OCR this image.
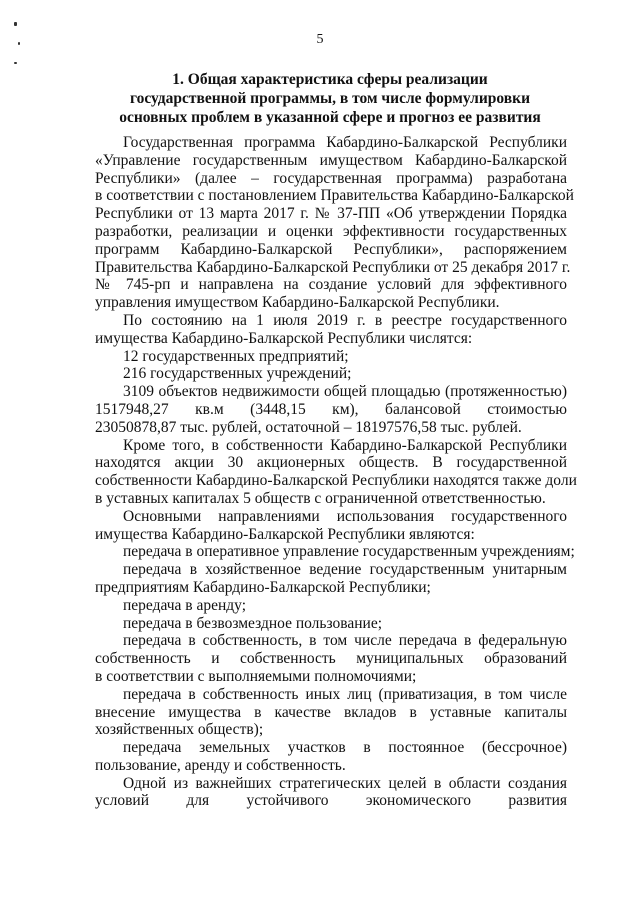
5
1. Общая характеристика сферы реализации
государственной программы, в том числе формулировки
основных проблем в указанной сфере и прогноз ее развития
Государственная программа Кабардино-Балкарской Республики
«Управление государственным имуществом Кабардино-Балкарской
Республики» (далее – государственная программа) разработана
в соответствии с постановлением Правительства Кабардино-Балкарской
Республики от 13 марта 2017 г. № 37-ПП «Об утверждении Порядка
разработки, реализации и оценки эффективности государственных
программ Кабардино-Балкарской Республики», распоряжением
Правительства Кабардино-Балкарской Республики от 25 декабря 2017 г.
№ 745-рп и направлена на создание условий для эффективного
управления имуществом Кабардино-Балкарской Республики.
По состоянию на 1 июля 2019 г. в реестре государственного
имущества Кабардино-Балкарской Республики числятся:
12 государственных предприятий;
216 государственных учреждений;
3109 объектов недвижимости общей площадью (протяженностью)
1517948,27 кв.м (3448,15 км), балансовой стоимостью
23050878,87 тыс. рублей, остаточной – 18197576,58 тыс. рублей.
Кроме того, в собственности Кабардино-Балкарской Республики
находятся акции 30 акционерных обществ. В государственной
собственности Кабардино-Балкарской Республики находятся также доли
в уставных капиталах 5 обществ с ограниченной ответственностью.
Основными направлениями использования государственного
имущества Кабардино-Балкарской Республики являются:
передача в оперативное управление государственным учреждениям;
передача в хозяйственное ведение государственным унитарным
предприятиям Кабардино-Балкарской Республики;
передача в аренду;
передача в безвозмездное пользование;
передача в собственность, в том числе передача в федеральную
собственность и собственность муниципальных образований
в соответствии с выполняемыми полномочиями;
передача в собственность иных лиц (приватизация, в том числе
внесение имущества в качестве вкладов в уставные капиталы
хозяйственных обществ);
передача земельных участков в постоянное (бессрочное)
пользование, аренду и собственность.
Одной из важнейших стратегических целей в области создания
условий для устойчивого экономического развития
